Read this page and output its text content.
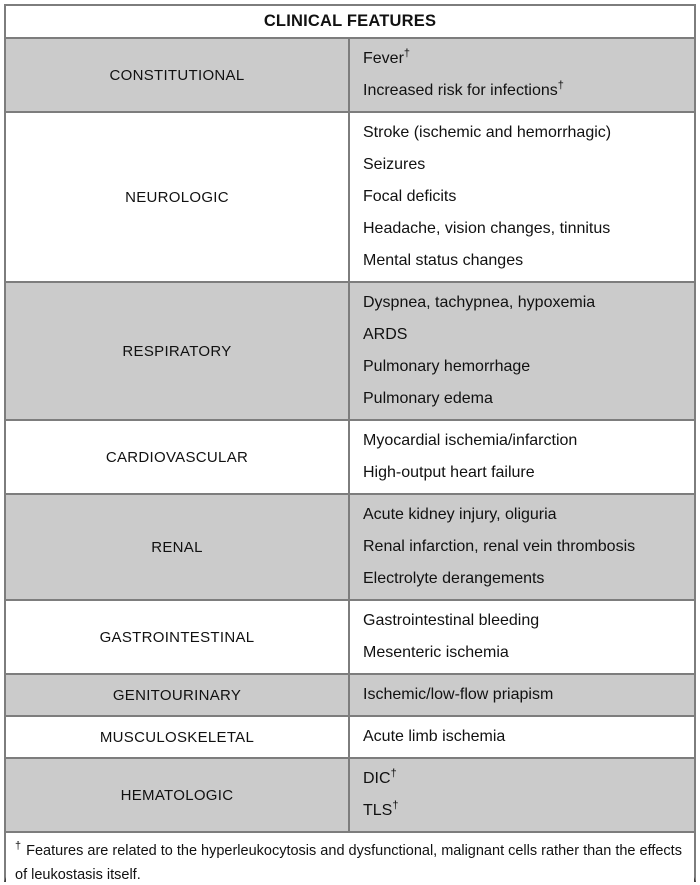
CLINICAL FEATURES
CONSTITUTIONAL
Fever†
Increased risk for infections†
NEUROLOGIC
Stroke (ischemic and hemorrhagic)
Seizures
Focal deficits
Headache, vision changes, tinnitus
Mental status changes
RESPIRATORY
Dyspnea, tachypnea, hypoxemia
ARDS
Pulmonary hemorrhage
Pulmonary edema
CARDIOVASCULAR
Myocardial ischemia/infarction
High-output heart failure
RENAL
Acute kidney injury, oliguria
Renal infarction, renal vein thrombosis
Electrolyte derangements
GASTROINTESTINAL
Gastrointestinal bleeding
Mesenteric ischemia
GENITOURINARY	Ischemic/low-flow priapism
MUSCULOSKELETAL	Acute limb ischemia
HEMATOLOGIC
DIC†
TLS†
† Features are related to the hyperleukocytosis and dysfunctional, malignant cells rather than the effects of leukostasis itself.
